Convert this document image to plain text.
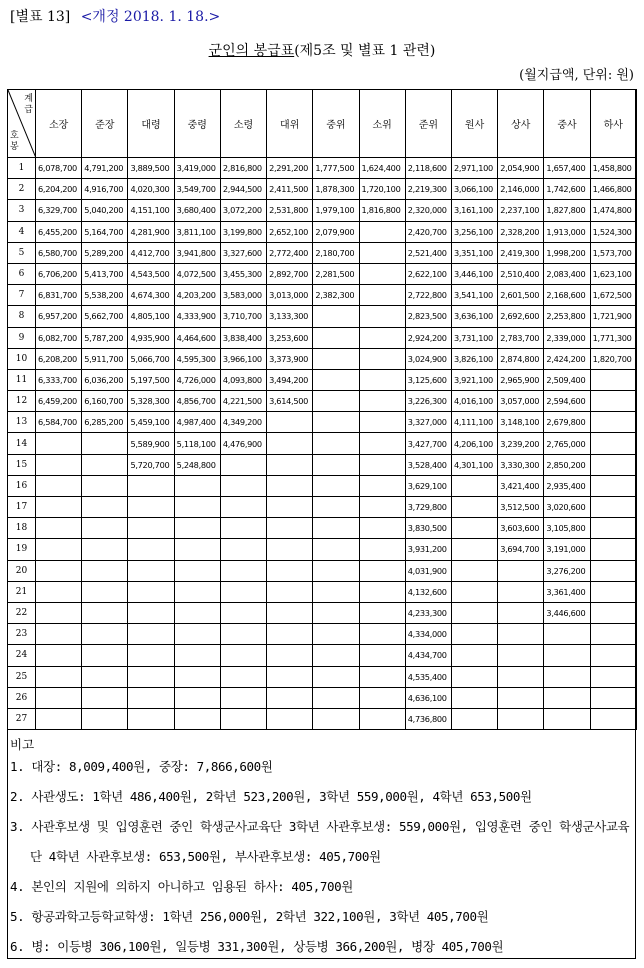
[별표 13] <개정 2018. 1. 18.>
군인의 봉급표(제5조 및 별표 1 관련)
(월지급액, 단위: 원)
계
급
호
봉	소장	준장	대령	중령	소령	대위	중위	소위	준위	원사	상사	중사	하사
1	6,078,700	4,791,200	3,889,500	3,419,000	2,816,800	2,291,200	1,777,500	1,624,400	2,118,600	2,971,100	2,054,900	1,657,400	1,458,800
2	6,204,200	4,916,700	4,020,300	3,549,700	2,944,500	2,411,500	1,878,300	1,720,100	2,219,300	3,066,100	2,146,000	1,742,600	1,466,800
3	6,329,700	5,040,200	4,151,100	3,680,400	3,072,200	2,531,800	1,979,100	1,816,800	2,320,000	3,161,100	2,237,100	1,827,800	1,474,800
4	6,455,200	5,164,700	4,281,900	3,811,100	3,199,800	2,652,100	2,079,900		2,420,700	3,256,100	2,328,200	1,913,000	1,524,300
5	6,580,700	5,289,200	4,412,700	3,941,800	3,327,600	2,772,400	2,180,700		2,521,400	3,351,100	2,419,300	1,998,200	1,573,700
6	6,706,200	5,413,700	4,543,500	4,072,500	3,455,300	2,892,700	2,281,500		2,622,100	3,446,100	2,510,400	2,083,400	1,623,100
7	6,831,700	5,538,200	4,674,300	4,203,200	3,583,000	3,013,000	2,382,300		2,722,800	3,541,100	2,601,500	2,168,600	1,672,500
8	6,957,200	5,662,700	4,805,100	4,333,900	3,710,700	3,133,300			2,823,500	3,636,100	2,692,600	2,253,800	1,721,900
9	6,082,700	5,787,200	4,935,900	4,464,600	3,838,400	3,253,600			2,924,200	3,731,100	2,783,700	2,339,000	1,771,300
10	6,208,200	5,911,700	5,066,700	4,595,300	3,966,100	3,373,900			3,024,900	3,826,100	2,874,800	2,424,200	1,820,700
11	6,333,700	6,036,200	5,197,500	4,726,000	4,093,800	3,494,200			3,125,600	3,921,100	2,965,900	2,509,400	
12	6,459,200	6,160,700	5,328,300	4,856,700	4,221,500	3,614,500			3,226,300	4,016,100	3,057,000	2,594,600	
13	6,584,700	6,285,200	5,459,100	4,987,400	4,349,200				3,327,000	4,111,100	3,148,100	2,679,800	
14			5,589,900	5,118,100	4,476,900				3,427,700	4,206,100	3,239,200	2,765,000	
15			5,720,700	5,248,800					3,528,400	4,301,100	3,330,300	2,850,200	
16									3,629,100		3,421,400	2,935,400	
17									3,729,800		3,512,500	3,020,600	
18									3,830,500		3,603,600	3,105,800	
19									3,931,200		3,694,700	3,191,000	
20									4,031,900			3,276,200	
21									4,132,600			3,361,400	
22									4,233,300			3,446,600	
23									4,334,000				
24									4,434,700				
25									4,535,400				
26									4,636,100				
27									4,736,800				
비고
1. 대장: 8,009,400원, 중장: 7,866,600원
2. 사관생도: 1학년 486,400원, 2학년 523,200원, 3학년 559,000원, 4학년 653,500원
3. 사관후보생 및 입영훈련 중인 학생군사교육단 3학년 사관후보생: 559,000원, 입영훈련 중인 학생군사교육
단 4학년 사관후보생: 653,500원, 부사관후보생: 405,700원
4. 본인의 지원에 의하지 아니하고 임용된 하사: 405,700원
5. 항공과학고등학교학생: 1학년 256,000원, 2학년 322,100원, 3학년 405,700원
6. 병: 이등병 306,100원, 일등병 331,300원, 상등병 366,200원, 병장 405,700원
